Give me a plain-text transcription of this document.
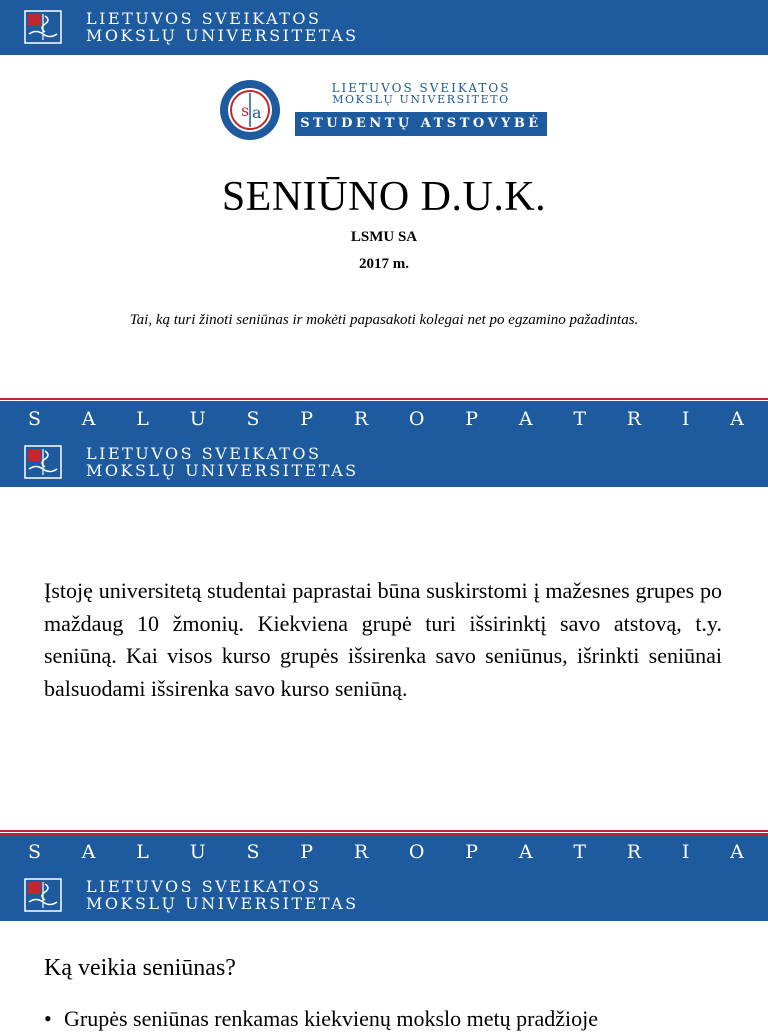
LIETUVOS SVEIKATOS
MOKSLŲ UNIVERSITETAS
s a
LIETUVOS SVEIKATOS
MOKSLŲ UNIVERSITETO
STUDENTŲ ATSTOVYBĖ
SENIŪNO D.U.K.
LSMU SA
2017 m.
Tai, ką turi žinoti seniūnas ir mokėti papasakoti kolegai net po egzamino pažadintas.
S A L U S P R O P A T R I A
LIETUVOS SVEIKATOS
MOKSLŲ UNIVERSITETAS
Įstoję universitetą studentai paprastai būna suskirstomi į mažesnes grupes po maždaug 10 žmonių. Kiekviena grupė turi išsirinktį savo atstovą, t.y. seniūną. Kai visos kurso grupės išsirenka savo seniūnus, išrinkti seniūnai balsuodami išsirenka savo kurso seniūną.
S A L U S P R O P A T R I A
LIETUVOS SVEIKATOS
MOKSLŲ UNIVERSITETAS
Ką veikia seniūnas?
• Grupės seniūnas renkamas kiekvienų mokslo metų pradžioje
